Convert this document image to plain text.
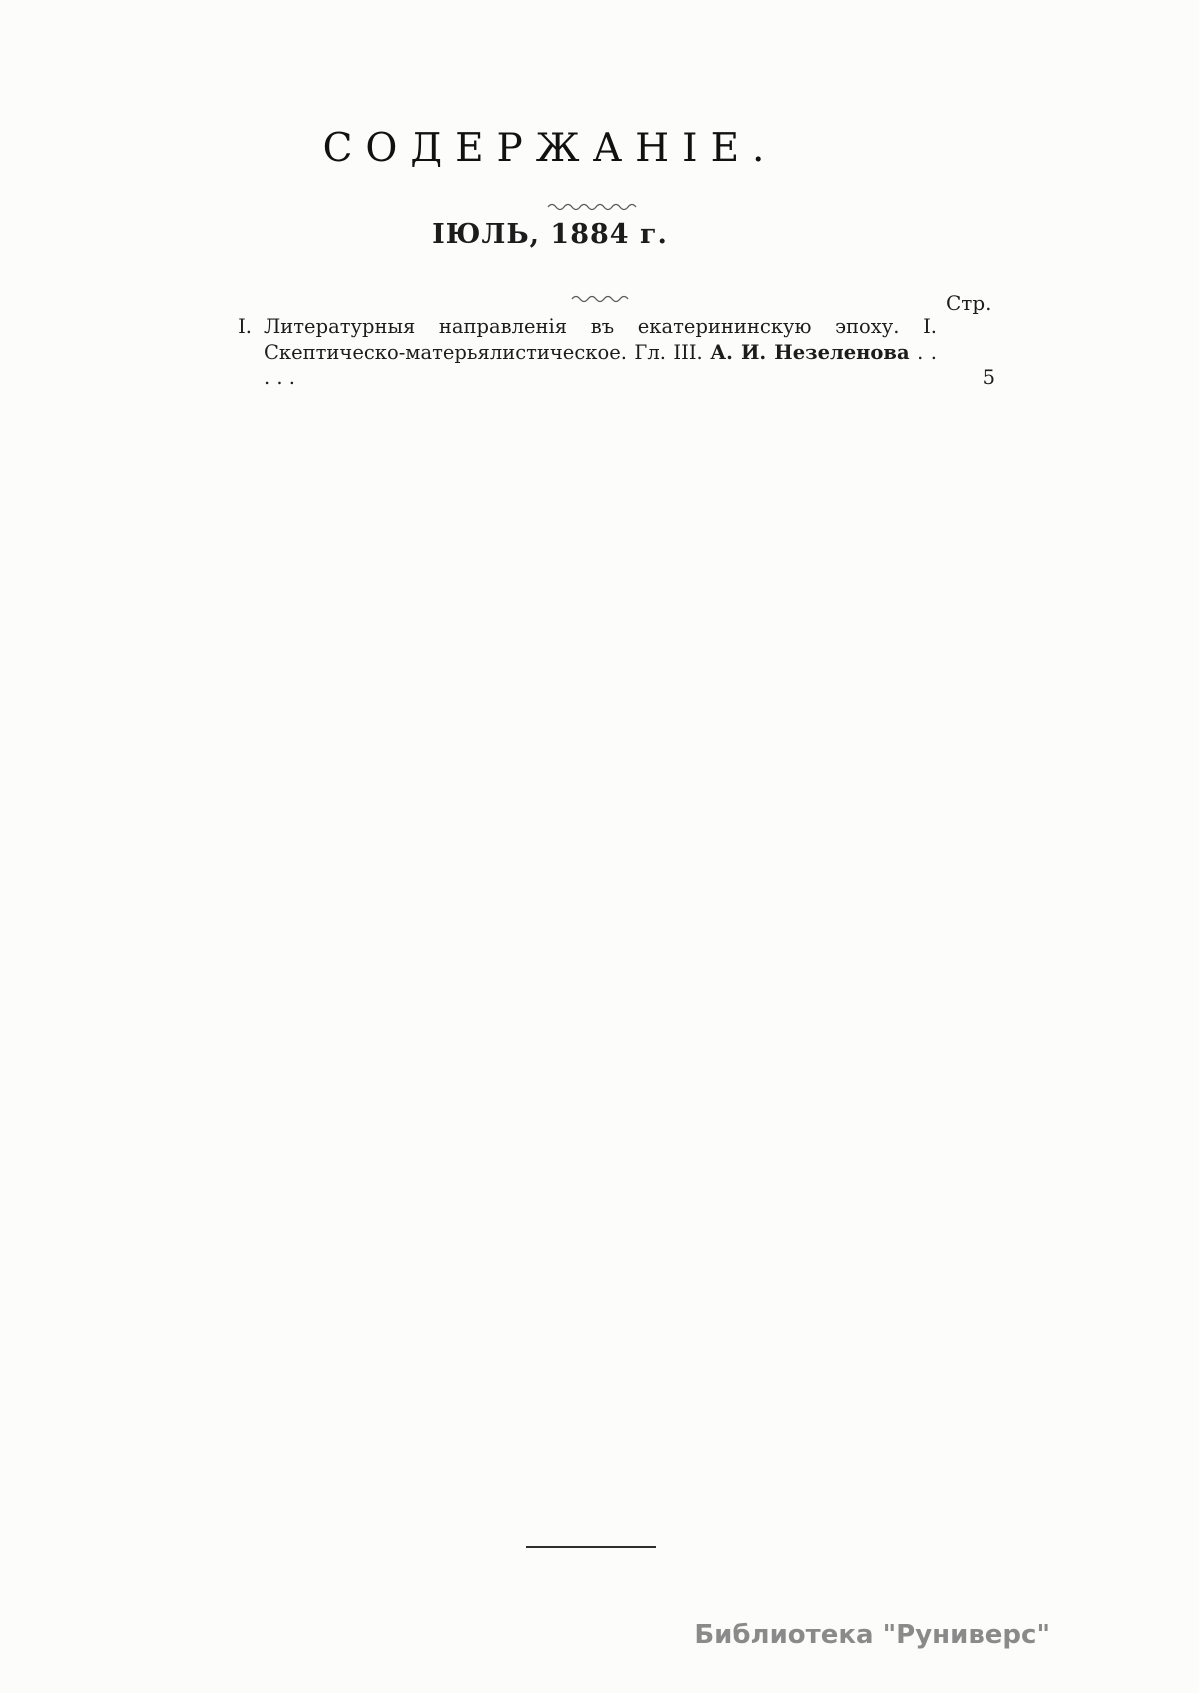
СОДЕРЖАНІЕ.
ІЮЛЬ, 1884 г.
Стр.
I. Литературныя направленія въ екатерининскую эпоху. I. Скептическо-матерьялистическое. Гл. III. А. И. Незеленова . . . . .	5
Библиотека "Руниверс"
